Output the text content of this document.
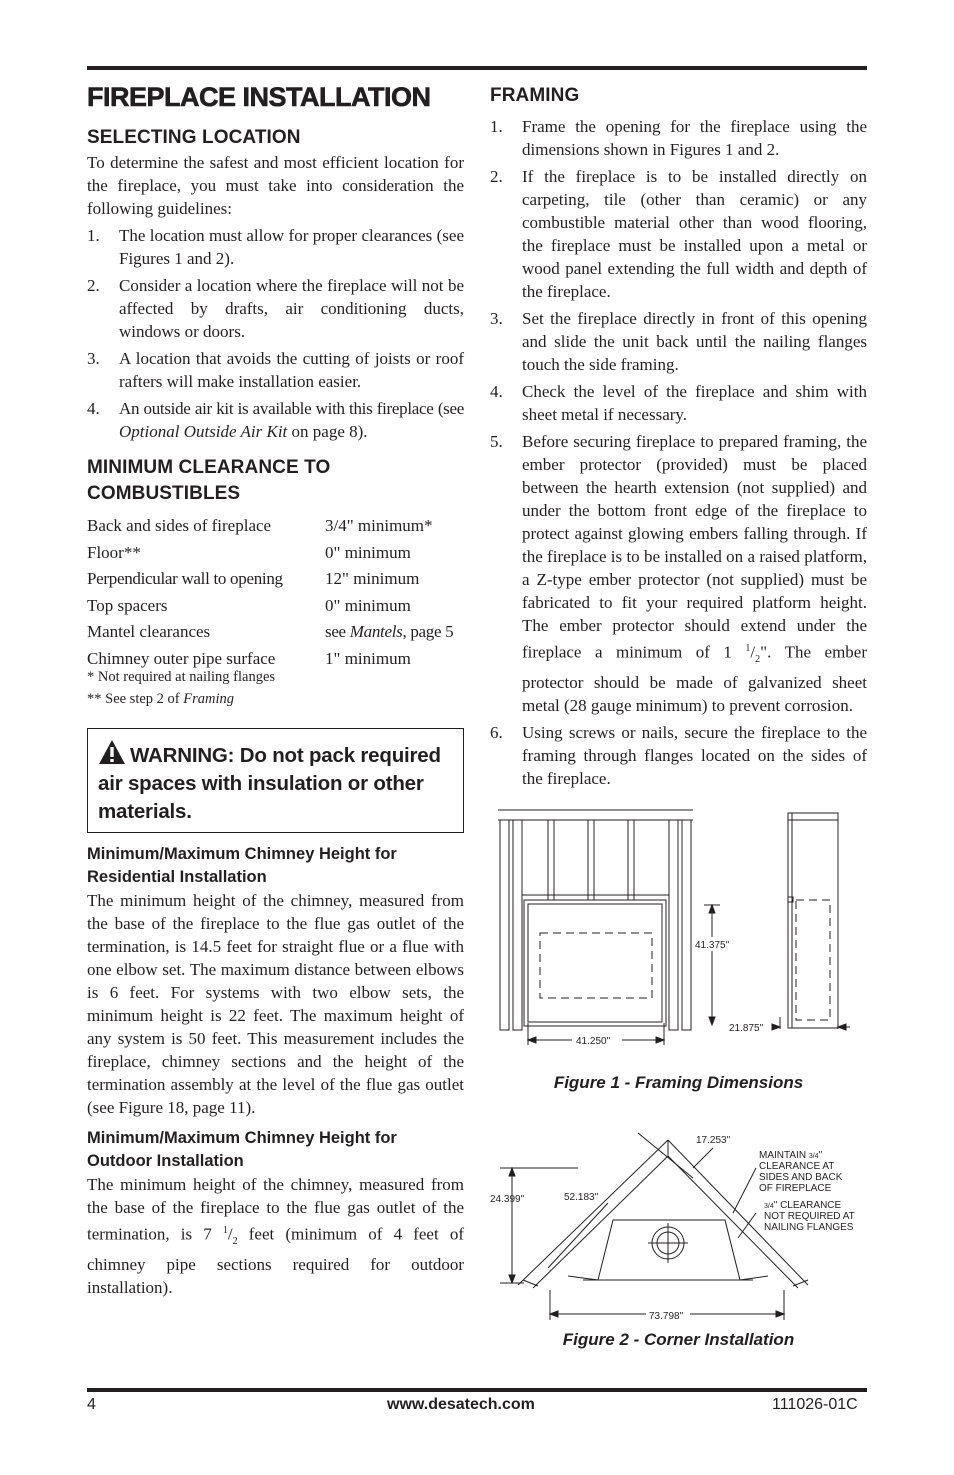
FIREPLACE INSTALLATION
SELECTING LOCATION

To determine the safest and most efficient location for the fireplace, you must take into consideration the following guidelines:

1. The location must allow for proper clearances (see Figures 1 and 2).
2. Consider a location where the fireplace will not be affected by drafts, air conditioning ducts, windows or doors.
3. A location that avoids the cutting of joists or roof rafters will make installation easier.
4. An outside air kit is available with this fireplace (see Optional Outside Air Kit on page 8).
MINIMUM CLEARANCE TO COMBUSTIBLES
Back and sides of fireplace	3/4" minimum*
Floor**	0" minimum
Perpendicular wall to opening	12" minimum
Top spacers	0" minimum
Mantel clearances	see Mantels, page 5
Chimney outer pipe surface	1" minimum
* Not required at nailing flanges
** See step 2 of Framing
WARNING: Do not pack required air spaces with insulation or other materials.
Minimum/Maximum Chimney Height for Residential Installation

The minimum height of the chimney, measured from the base of the fireplace to the flue gas outlet of the termination, is 14.5 feet for straight flue or a flue with one elbow set. The maximum distance between elbows is 6 feet. For systems with two elbow sets, the minimum height is 22 feet. The maximum height of any system is 50 feet. This measurement includes the fireplace, chimney sections and the height of the termination assembly at the level of the flue gas outlet (see Figure 18, page 11).

Minimum/Maximum Chimney Height for Outdoor Installation

The minimum height of the chimney, measured from the base of the fireplace to the flue gas outlet of the termination, is 7 $^1/_2$ feet (minimum of 4 feet of chimney pipe sections required for outdoor installation).

FRAMING
1. Frame the opening for the fireplace using the dimensions shown in Figures 1 and 2.
2. If the fireplace is to be installed directly on carpeting, tile (other than ceramic) or any combustible material other than wood flooring, the fireplace must be installed upon a metal or wood panel extending the full width and depth of the fireplace.
3. Set the fireplace directly in front of this opening and slide the unit back until the nailing flanges touch the side framing.
4. Check the level of the fireplace and shim with sheet metal if necessary.
5. Before securing fireplace to prepared framing, the ember protector (provided) must be placed between the hearth extension (not supplied) and under the bottom front edge of the fireplace to protect against glowing embers falling through. If the fireplace is to be installed on a raised platform, a Z-type ember protector (not supplied) must be fabricated to fit your required platform height. The ember protector should extend under the fireplace a minimum of 1 $^1/_2$". The ember protector should be made of galvanized sheet metal (28 gauge minimum) to prevent corrosion.
6. Using screws or nails, secure the fireplace to the framing through flanges located on the sides of the fireplace.
41.375"
41.250"
21.875"
Figure 1 - Framing Dimensions
17.253"
24.399"	52.183"
73.798"
MAINTAIN 3/4"
CLEARANCE AT
SIDES AND BACK
OF FIREPLACE
3/4" CLEARANCE
NOT REQUIRED AT
NAILING FLANGES
Figure 2 - Corner Installation
4	www.desatech.com	111026-01C
